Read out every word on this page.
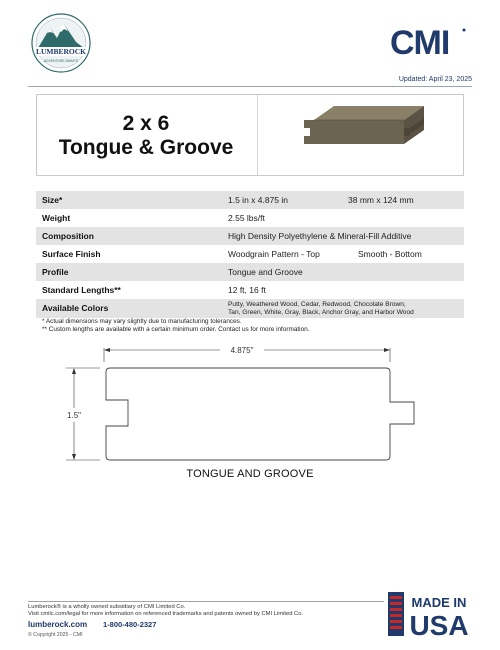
LUMBEROCK
ADVENTURE AWAITS	CMI
Updated: April 23, 2025
2 x 6
Tongue & Groove
Size*	1.5 in x 4.875 in	38 mm x 124 mm
Weight	2.55 lbs/ft
Composition	High Density Polyethylene & Mineral-Fill Additive
Surface Finish	Woodgrain Pattern - Top	Smooth - Bottom
Profile	Tongue and Groove
Standard Lengths**	12 ft, 16 ft
Available Colors	Putty, Weathered Wood, Cedar, Redwood, Chocolate Brown,
Tan, Green, White, Gray, Black, Anchor Gray, and Harbor Wood
* Actual dimensions may vary slightly due to manufacturing tolerances.
** Custom lengths are available with a certain minimum order. Contact us for more information.
4.875"
1.5"
TONGUE AND GROOVE
Lumberock® is a wholly owned subsidiary of CMI Limited Co.
Visit cmilc.com/legal for more information on referenced trademarks and patents owned by CMI Limited Co.
lumberock.com 1-800-480-2327
© Copyright 2025 - CMI
MADE IN
USA
